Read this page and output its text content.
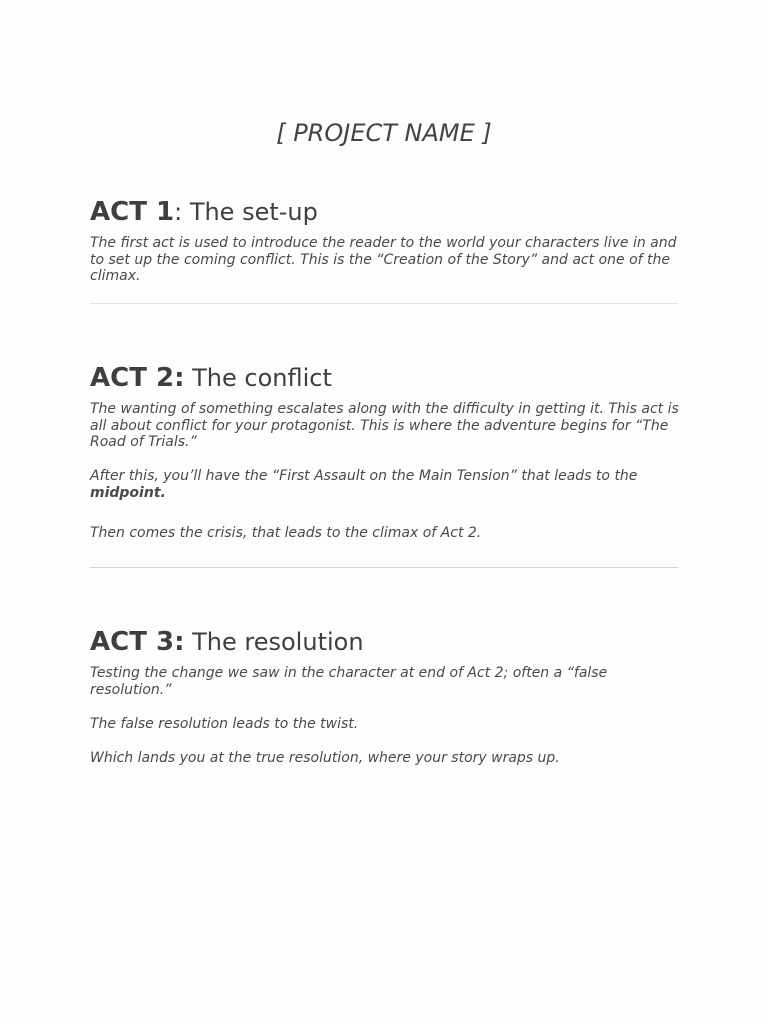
[ PROJECT NAME ]
ACT 1: The set-up

The first act is used to introduce the reader to the world your characters live in and to set up the coming conflict. This is the “Creation of the Story” and act one of the climax.

ACT 2: The conflict

The wanting of something escalates along with the difficulty in getting it. This act is all about conflict for your protagonist. This is where the adventure begins for “The Road of Trials.”

After this, you’ll have the “First Assault on the Main Tension” that leads to the midpoint.

Then comes the crisis, that leads to the climax of Act 2.

ACT 3: The resolution

Testing the change we saw in the character at end of Act 2; often a “false resolution.”

The false resolution leads to the twist.

Which lands you at the true resolution, where your story wraps up.
